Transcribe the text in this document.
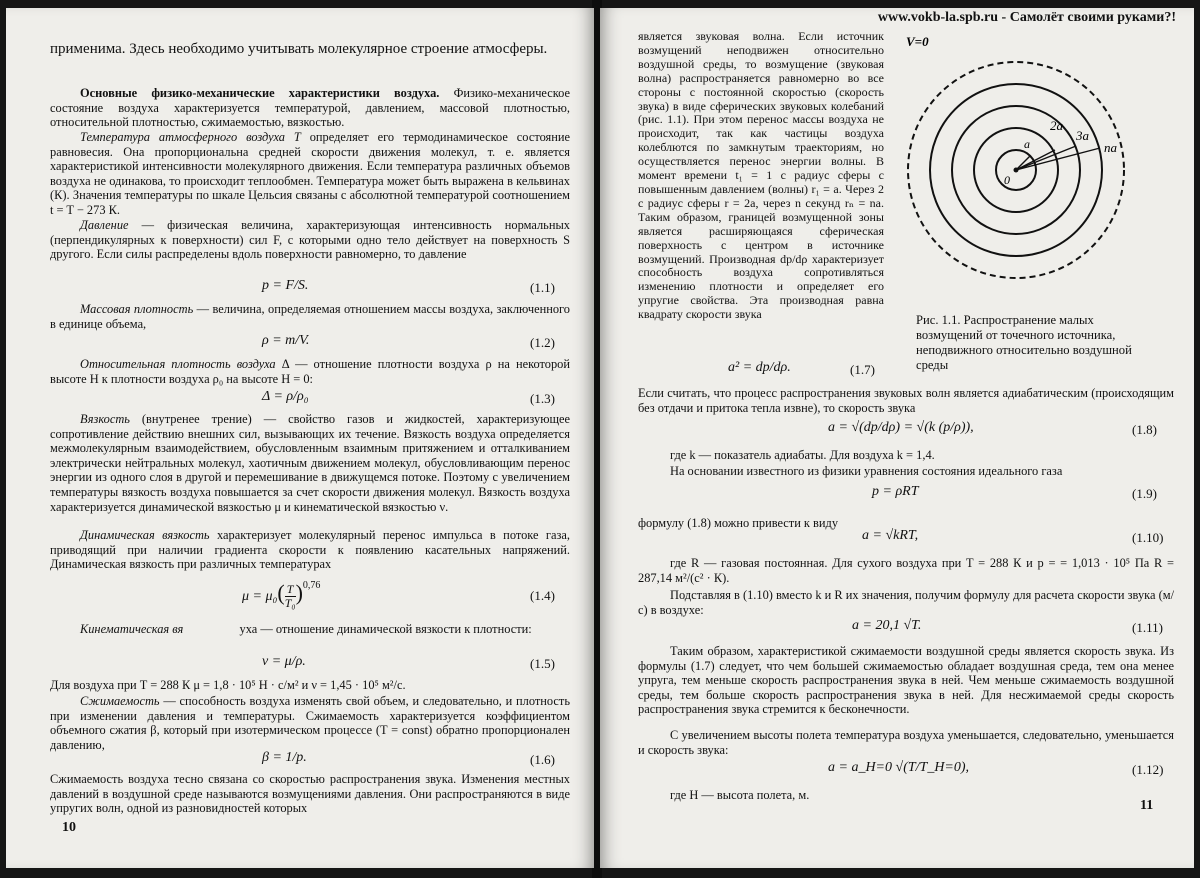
применима. Здесь необходимо учитывать молекулярное строение атмосферы.

Основные физико-механические характеристики воздуха. Физико-механическое состояние воздуха характеризуется температурой, давлением, массовой плотностью, относительной плотностью, сжимаемостью, вязкостью.

Температура атмосферного воздуха T определяет его термодинамическое состояние равновесия. Она пропорциональна средней скорости движения молекул, т. е. является характеристикой интенсивности молекулярного движения. Если температура различных объемов воздуха не одинакова, то происходит теплообмен. Температура может быть выражена в кельвинах (К). Значения температуры по шкале Цельсия связаны с абсолютной температурой соотношением t = T − 273 К.

Давление — физическая величина, характеризующая интенсивность нормальных (перпендикулярных к поверхности) сил F, с которыми одно тело действует на поверхность S другого. Если силы распределены вдоль поверхности равномерно, то давление

p = F/S.	(1.1)

Массовая плотность — величина, определяемая отношением массы воздуха, заключенного в единице объема,

ρ = m/V.	(1.2)

Относительная плотность воздуха Δ — отношение плотности воздуха ρ на некоторой высоте H к плотности воздуха ρ₀ на высоте H = 0:

Δ = ρ/ρ₀	(1.3)

Вязкость (внутренее трение) — свойство газов и жидкостей, характеризующее сопротивление действию внешних сил, вызывающих их течение. Вязкость воздуха определяется межмолекулярным взаимодействием, обусловленным взаимным притяжением и отталкиванием электрически нейтральных молекул, хаотичным движением молекул, обусловливающим перенос энергии из одного слоя в другой и перемешивание в движущемся потоке. Поэтому с увеличением температуры вязкость воздуха повышается за счет скорости движения молекул. Вязкость воздуха характеризуется динамической вязкостью μ и кинематической вязкостью ν.

Динамическая вязкость характеризует молекулярный перенос импульса в потоке газа, приводящий при наличии градиента скорости к появлению касательных напряжений. Динамическая вязкость при различных температурах

$\mu = \mu_0( \frac{T}{\text{T₀}} )^{0,76}$
(1.4)

Кинематическая вя	уха — отношение динамической вязкости к плотности:

ν = μ/ρ.	(1.5)

Для воздуха при T = 288 К μ = 1,8 · 10⁵ Н · с/м² и ν = 1,45 · 10⁵ м²/с.

Сжимаемость — способность воздуха изменять свой объем, и следовательно, и плотность при изменении давления и температуры. Сжимаемость характеризуется коэффициентом объемного сжатия β, который при изотермическом процессе (T = const) обратно пропорционален давлению,

β = 1/p.	(1.6)

Сжимаемость воздуха тесно связана со скоростью распространения звука. Изменения местных давлений в воздушной среде называются возмущениями давления. Они распространяются в виде упругих волн, одной из разновидностей которых

10
www.vokb-la.spb.ru - Самолёт своими руками?!

является звуковая волна. Если источник возмущений неподвижен относительно воздушной среды, то возмущение (звуковая волна) распространяется равномерно во все стороны с постоянной скоростью (скорость звука) в виде сферических звуковых колебаний (рис. 1.1). При этом перенос массы воздуха не происходит, так как частицы воздуха колеблются по замкнутым траекториям, но осуществляется перенос энергии волны. В момент времени t₁ = 1 с радиус сферы с повышенным давлением (волны) r₁ = a. Через 2 с радиус сферы r = 2a, через n секунд rₙ = na. Таким образом, границей возмущенной зоны является расширяющаяся сферическая поверхность с центром в источнике возмущений. Производная dp/dρ характеризует способность воздуха сопротивляться изменению плотности и определяет его упругие свойства. Эта производная равна квадрату скорости звука

a² = dp/dρ.	(1.7)
V=0
0
a
2a
3a
na

Рис. 1.1. Распространение малых возмущений от точечного источника, неподвижного относительно воздушной среды

Если считать, что процесс распространения звуковых волн является адиабатическим (происходящим без отдачи и притока тепла извне), то скорость звука

a = √(dp/dρ) = √(k (p/ρ)),	(1.8)

где k — показатель адиабаты. Для воздуха k = 1,4.

На основании известного из физики уравнения состояния идеального газа

p = ρRT	(1.9)

формулу (1.8) можно привести к виду

a = √kRT,	(1.10)

где R — газовая постоянная. Для сухого воздуха при T = 288 К и p = = 1,013 · 10⁵ Па R = 287,14 м²/(с² · К).

Подставляя в (1.10) вместо k и R их значения, получим формулу для расчета скорости звука (м/с) в воздухе:

a = 20,1 √T.	(1.11)

Таким образом, характеристикой сжимаемости воздушной среды является скорость звука. Из формулы (1.7) следует, что чем большей сжимаемостью обладает воздушная среда, тем она менее упруга, тем меньше скорость распространения звука в ней. Чем меньше сжимаемость воздушной среды, тем больше скорость распространения звука в ней. Для несжимаемой среды скорость распространения звука стремится к бесконечности.

С увеличением высоты полета температура воздуха уменьшается, следовательно, уменьшается и скорость звука:

a = a_H=0 √(T/T_H=0),	(1.12)

где H — высота полета, м.

11
